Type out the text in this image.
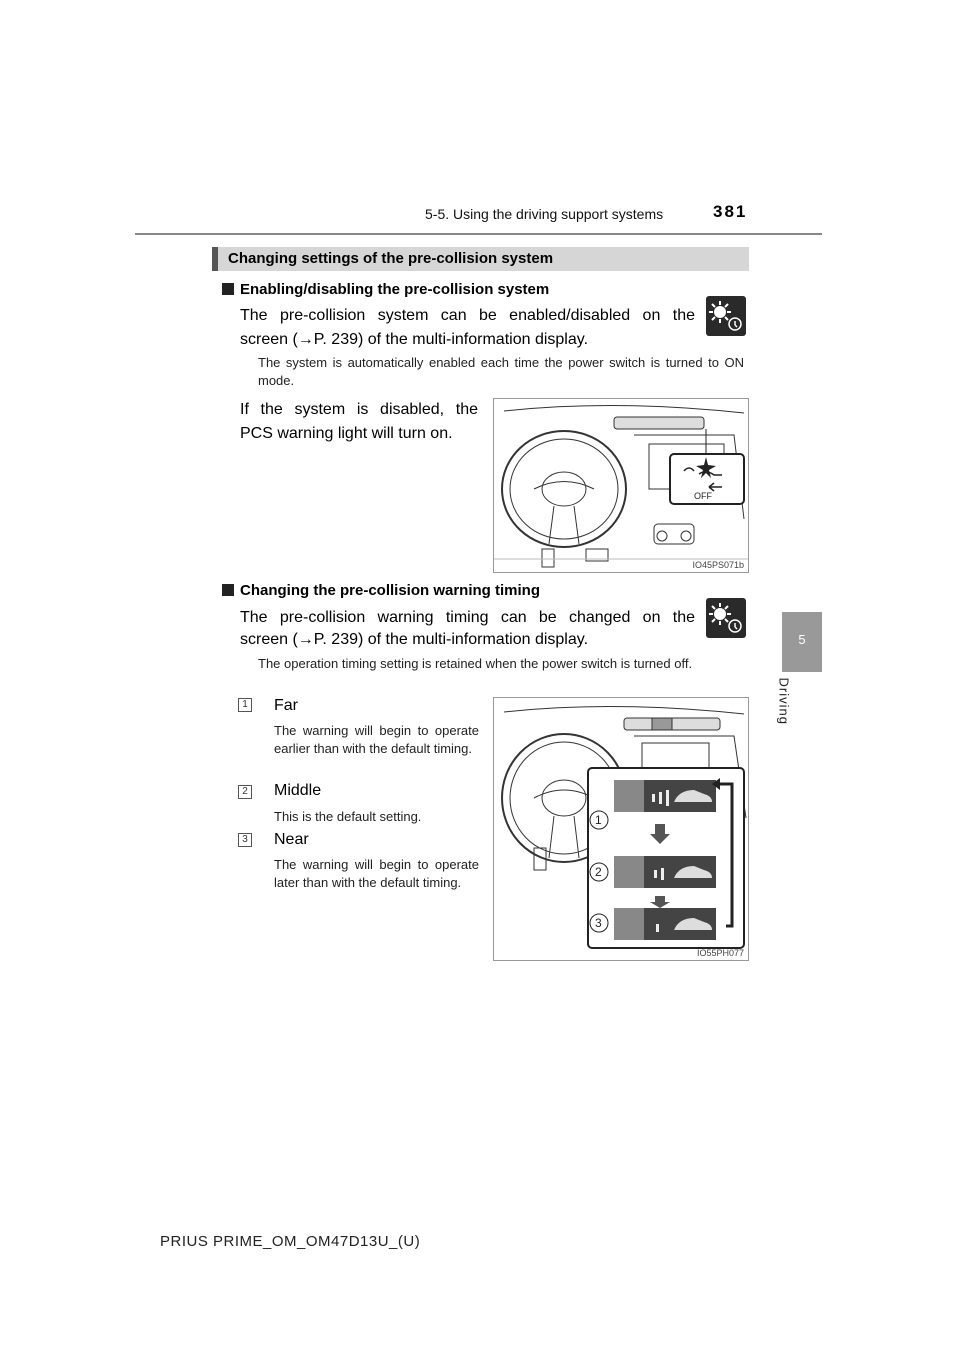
5-5. Using the driving support systems	381
5
Driving
Changing settings of the pre-collision system
Enabling/disabling the pre-collision system
The pre-collision system can be enabled/disabled on the
screen (→P. 239) of the multi-information display.
The system is automatically enabled each time the power switch is turned to ON mode.
If the system is disabled, the PCS warning light will turn on.
OFF
IO45PS071b
Changing the pre-collision warning timing
The pre-collision warning timing can be changed on the
screen (→P. 239) of the multi-information display.
The operation timing setting is retained when the power switch is turned off.
1 Far
The warning will begin to operate earlier than with the default timing.
2 Middle
This is the default setting.
3 Near
The warning will begin to operate later than with the default timing.
1
2
3
IO55PH077
PRIUS PRIME_OM_OM47D13U_(U)
